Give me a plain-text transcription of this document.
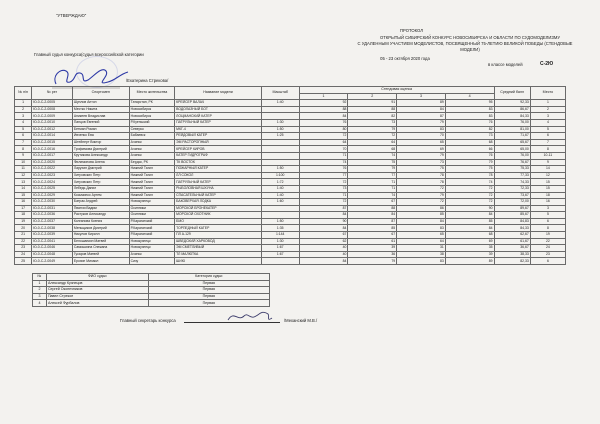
"УТВЕРЖДАЮ"
Главный судья конкурса(судья всероссийской категории
/Екатерина Стрекова/
ПРОТОКОЛ
ОТКРЫТЫЙ СИБИРСКИЙ КОНКУРС НОВОСИБИРСКА И ОБЛАСТИ ПО СУДОМОДЕЛИЗМУ
С УДАЛЕННЫМ УЧАСТИЕМ МОДЕЛИСТОВ, ПОСВЯЩЕННЫЙ 75-ЛЕТИЮ ВЕЛИКОЙ ПОБЕДЫ (СТЕНДОВЫЕ
МОДЕЛИ)
05 - 23 октября 2020 года
в классе моделей	С-2Ю
№ п/п	№ рег	Спортсмен	Место жительства	Название модели	Масштаб	Стендовая оценка				Средний балл	Место
						1	2	3	4		
1	Ю-0-С-2-0005	Шуплов Антон	Татарстан, РК	КРЕЙСЕР ВАЛАЧ	1:40	92	91	89	95	92,33	1
2	Ю-0-С-2-0008	Местко Никита	Новосибирск	ВОДОЛАЗНЫЙ БОТ		88	88	84	83	86,67	2
3	Ю-0-С-2-0009	Аникеев Владислав	Новосибирск	ЛОЦМАНСКИЙ КАТЕР		84	82	87	83	84,33	3
4	Ю-0-С-2-0010	Панцов Евгений	Р.Куеньский	ПАТРУЛЬНЫЙ КАТЕР	1:30	76	73	79	76	76,00	4
5	Ю-0-С-2-0012	Бетман Роман	Северск	МКГ-4	1:50	80	79	83	82	81,00	5
6	Ю-0-С-2-0014	Ивченко Ева	Бабаевск	РЕЙДОВЫЙ КАТЕР	1:25	72	72	70	73	71,67	6
7	Ю-0-С-2-0015	Штейнерт Виктор	Ачинск	ЭМ РАСТОРОПНЫЙ		64	64	65	68	65,67	7
8	Ю-0-С-2-0016	Трофимова Дмитрий	Ачинск	КРЕЙСЕР КИРОВ		70	68	69	66	65,00	8
9	Ю-0-С-2-0017	Крутикова Александр	Ачинск	КАТЕР ГИДРОГРАФ		71	74	79	76	76,00	10-11
10	Ю-0-С-2-0020	Филимонова Алена	Бердск, РК	ТК ВОСТОК		74	75	73	79	76,67	9
11	Ю-0-С-2-0022	Ларухин Дмитрий	Нижний Тагил	ПОЖАРНЫЙ КАТЕР	1:50	76	79	75	75	75,33	14
12	Ю-0-С-2-0023	Хитровских Петр	Нижний Тагил	ЛЛ СОКОЛ	1:100	77	77	78	78	77,33	12
13	Ю-0-С-2-0024	Хитровских Петр	Нижний Тагил	ПАТРУЛЬНЫЙ КАТЕР	1:72	72	71	78	74	74,33	15
14	Ю-0-С-2-0025	Лебедь Данил	Нижний Тагил	РЫБОЛОВНАЯ ШХУНА	1:40	73	71	72	72	72,33	15
15	Ю-0-С-2-0029	Косьминко Артем	Нижний Тагил	СПАСАТЕЛЬНЫЙ КАТЕР	1:40	71	74	79	72	73,67	18
16	Ю-0-С-2-0030	Батрак Андрей	Новокузнецк	БАКОВЕРХАЯ ЛОДКА	1:60	72	67	72	72	72,00	16
17	Ю-0-С-2-0031	Пванчи Вадим	Осинники	МОРСКОЙ БРОНЕКАТЕР		87	88	86	90	89,67	3
18	Ю-0-С-2-0036	Растуков Александр	Осинники	МОРСКОЙ ОХОТНИК		84	84	85	84	85,67	5
19	Ю-0-С-2-0037	Колганова Ксения	Р.Карагатский	БМО	1:50	90	87	84	85	84,83	6
20	Ю-0-С-2-0038	Меньщиков Дмитрий	Р.Карагатский	ТОРПЕДНЫЙ КАТЕР	1:35	84	85	83	84	84,33	8
21	Ю-0-С-2-0039	Никулов Кирилл	Р.Карагатский	ПЛ А-129	1:144	67	67	65	68	62,67	19
22	Ю-0-С-2-0041	Белошапкин Матвей	Новокузнецк	ШВЕДСКИЙ ХАРКОВОД	1:30	62	61	64	69	61,67	22
23	Ю-0-С-2-0046	Самошкина Снежана	Новокузнецк	ЭМ СМЕТЛИВЫЙ	1:67	40	39	31	35	36,67	24
24	Ю-0-С-2-0048	Гусаров Матвей	Ачинск	ТЛ МАЛЮТКА	1:67	40	36	38	39	38,33	23
25	Ю-0-С-2-0049	Ерохин Михаил	Сизу	ШИЮ		84	79	83	89	82,33	6
№	ФИО судьи	Категория судьи
1	Александр Кузнецов	Первая
2	Сергей Оконечников	Первая
3	Павел Стрекое	Первая
4	Алексей Фурбалов	Первая
Главный секретарь конкурса	/Механский М.В./
